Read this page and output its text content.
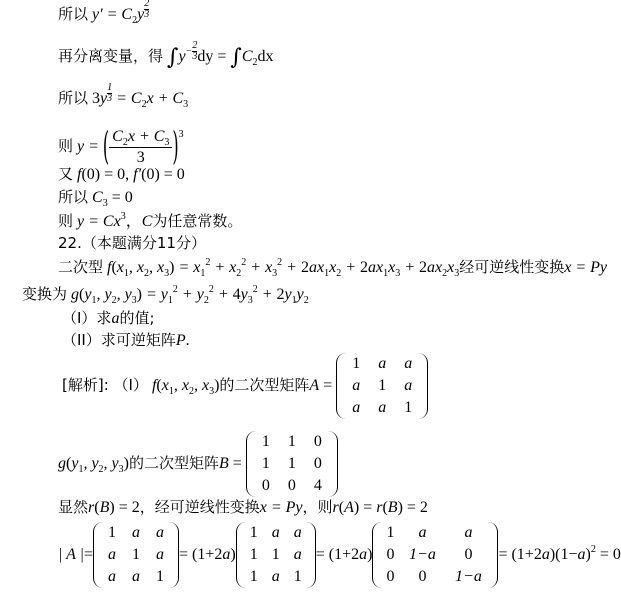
所以 $y' = C_2y$ $^{\frac{2}{3}}$
再分离变量，得 $\int y^{- \frac{2}{3}}$ dy = $\int C_2dx$
所以 3y $^{\frac{1}{3}} = C_2x + C_3$
则 y = ( $\frac{C_2x + C_3}{3} )^3$
又 f(0) = 0, f′(0) = 0
所以 $C_3 = 0$
则 $y = Cx^3$，C为任意常数。
22.（本题满分11分）
二次型 $f(x_1$, $x_2$, $x_3) = x_1^2 + x_2^2 + x_3^2 + 2ax_1x_2 + 2ax_1x_3 + 2ax_2x_3$经可逆线性变换x = Py
变换为 $g(y_1$, $y_2$, $y_3) = y_1^2 + y_2^2 + 4y_3^2 + 2y_1y_2$
（I）求a的值;
（II）求可逆矩阵P.
[解析]: （I） $f(x_1$, $x_2$, $x_3$)的二次型矩阵A =
1	a	a
a	1	a
a	a	1
$g(y_1$, $y_2$, $y_3$)的二次型矩阵B =
1	1	0
1	1	0
0	0	4
显然r(B) = 2，经可逆线性变换x = Py，则r(A) = r(B) = 2
| A |=
1	a	a
a	1	a
a	a	1
= (1+2a)
1 a a
1 1 a
1 a 1
= (1+2a)
1	a	a
0 1−a	0
0	0	1−a
= $(1+2a)(1-a)^2 = 0$
